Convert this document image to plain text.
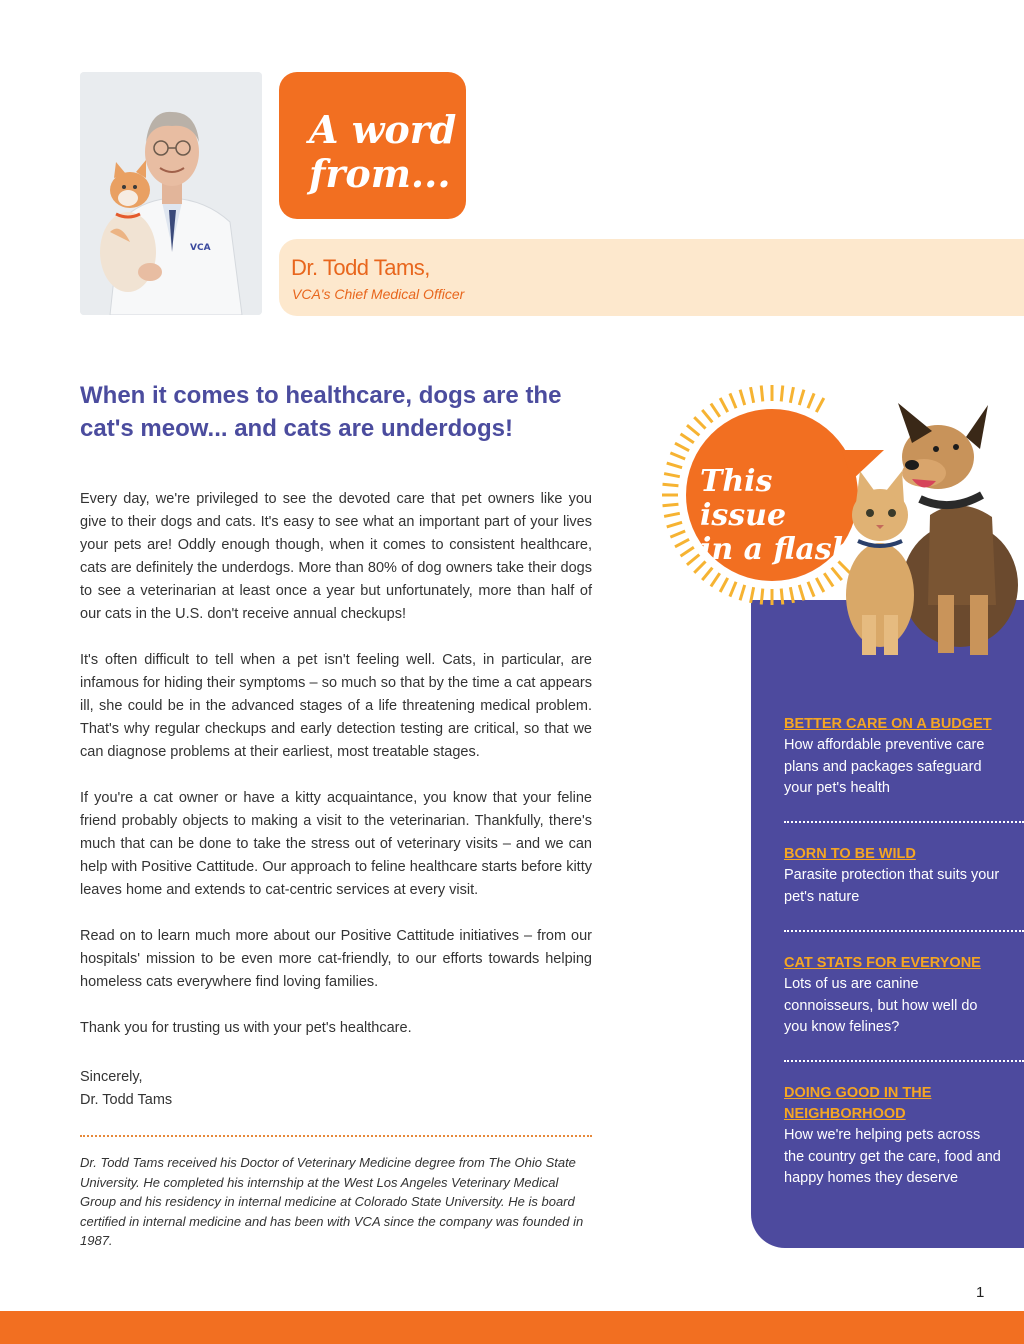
VCA
A word
from...
Dr. Todd Tams,
VCA's Chief Medical Officer
When it comes to healthcare, dogs are the
cat's meow... and cats are underdogs!

Every day, we're privileged to see the devoted care that pet owners like you give to their dogs and cats. It's easy to see what an important part of your lives your pets are! Oddly enough though, when it comes to consistent healthcare, cats are definitely the underdogs. More than 80% of dog owners take their dogs to see a veterinarian at least once a year but unfortunately, more than half of our cats in the U.S. don't receive annual checkups!

It's often difficult to tell when a pet isn't feeling well. Cats, in particular, are infamous for hiding their symptoms – so much so that by the time a cat appears ill, she could be in the advanced stages of a life threatening medical problem. That's why regular checkups and early detection testing are critical, so that we can diagnose problems at their earliest, most treatable stages.

If you're a cat owner or have a kitty acquaintance, you know that your feline friend probably objects to making a visit to the veterinarian. Thankfully, there's much that can be done to take the stress out of veterinary visits – and we can help with Positive Cattitude. Our approach to feline healthcare starts before kitty leaves home and extends to cat-centric services at every visit.

Read on to learn much more about our Positive Cattitude initiatives – from our hospitals' mission to be even more cat-friendly, to our efforts towards helping homeless cats everywhere find loving families.

Thank you for trusting us with your pet's healthcare.

Sincerely,
Dr. Todd Tams
Dr. Todd Tams received his Doctor of Veterinary Medicine degree from The Ohio State University. He completed his internship at the West Los Angeles Veterinary Medical Group and his residency in internal medicine at Colorado State University. He is board certified in internal medicine and has been with VCA since the company was founded in 1987.
BETTER CARE ON A BUDGET
How affordable preventive care plans and packages safeguard your pet's health
BORN TO BE WILD
Parasite protection that suits your pet's nature
CAT STATS FOR EVERYONE
Lots of us are canine connoisseurs, but how well do you know felines?
DOING GOOD IN THE NEIGHBORHOOD
How we're helping pets across the country get the care, food and happy homes they deserve
This issue
in a flash
1
